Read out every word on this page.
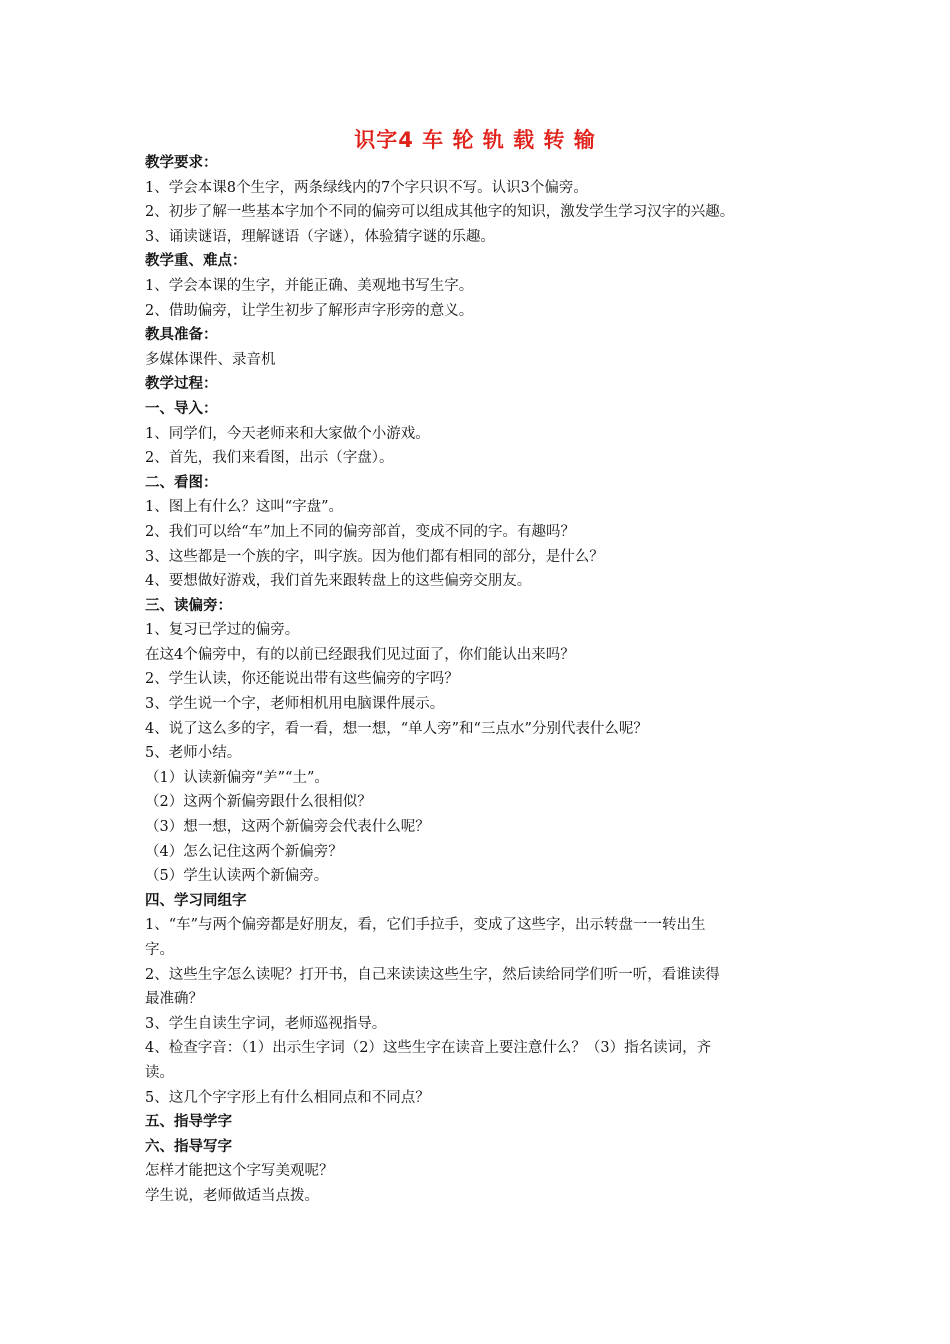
识字4 车 轮 轨 载 转 输
教学要求：
1、学会本课8个生字，两条绿线内的7个字只识不写。认识3个偏旁。
2、初步了解一些基本字加个不同的偏旁可以组成其他字的知识，激发学生学习汉字的兴趣。
3、诵读谜语，理解谜语（字谜），体验猜字谜的乐趣。
教学重、难点：
1、学会本课的生字，并能正确、美观地书写生字。
2、借助偏旁，让学生初步了解形声字形旁的意义。
教具准备：
多媒体课件、录音机
教学过程：
一、导入：
1、同学们，今天老师来和大家做个小游戏。
2、首先，我们来看图，出示（字盘）。
二、看图：
1、图上有什么？这叫“字盘”。
2、我们可以给“车”加上不同的偏旁部首，变成不同的字。有趣吗？
3、这些都是一个族的字，叫字族。因为他们都有相同的部分，是什么？
4、要想做好游戏，我们首先来跟转盘上的这些偏旁交朋友。
三、读偏旁：
1、复习已学过的偏旁。
在这4个偏旁中，有的以前已经跟我们见过面了，你们能认出来吗？
2、学生认读，你还能说出带有这些偏旁的字吗？
3、学生说一个字，老师相机用电脑课件展示。
4、说了这么多的字，看一看，想一想，“单人旁”和“三点水”分别代表什么呢？
5、老师小结。
（1）认读新偏旁“⺶”“土”。
（2）这两个新偏旁跟什么很相似？
（3）想一想，这两个新偏旁会代表什么呢？
（4）怎么记住这两个新偏旁？
（5）学生认读两个新偏旁。
四、学习同组字
1、“车”与两个偏旁都是好朋友，看，它们手拉手，变成了这些字，出示转盘一一转出生
字。
2、这些生字怎么读呢？打开书，自己来读读这些生字，然后读给同学们听一听，看谁读得
最准确？
3、学生自读生字词，老师巡视指导。
4、检查字音：（1）出示生字词（2）这些生字在读音上要注意什么？（3）指名读词，齐
读。
5、这几个字字形上有什么相同点和不同点？
五、指导学字
六、指导写字
怎样才能把这个字写美观呢？
学生说，老师做适当点拨。
